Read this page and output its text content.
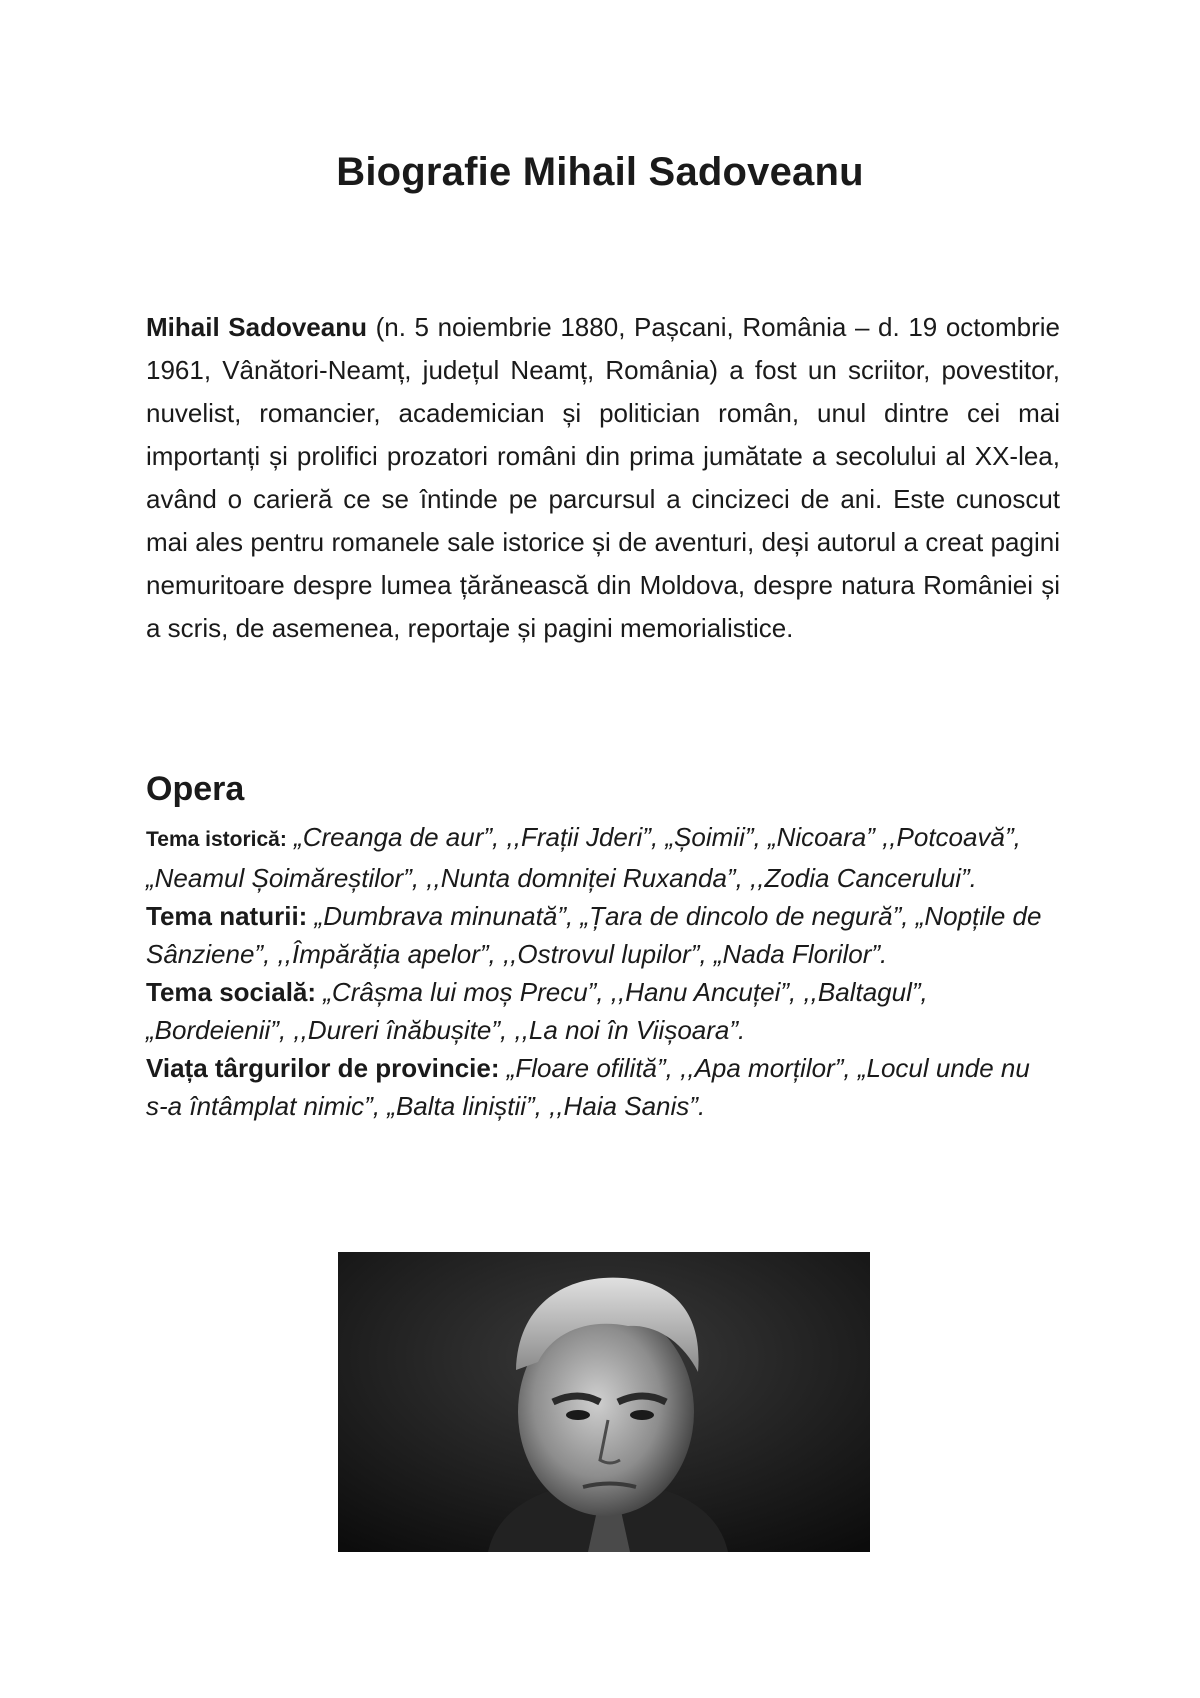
Biografie Mihail Sadoveanu

Mihail Sadoveanu (n. 5 noiembrie 1880, Pașcani, România – d. 19 octombrie 1961, Vânători-Neamț, județul Neamț, România) a fost un scriitor, povestitor, nuvelist, romancier, academician și politician român, unul dintre cei mai importanți și prolifici prozatori români din prima jumătate a secolului al XX-lea, având o carieră ce se întinde pe parcursul a cincizeci de ani. Este cunoscut mai ales pentru romanele sale istorice și de aventuri, deși autorul a creat pagini nemuritoare despre lumea țărănească din Moldova, despre natura României și a scris, de asemenea, reportaje și pagini memorialistice.

Opera

Tema istorică: „Creanga de aur”, ,,Frații Jderi”, „Șoimii”, „Nicoara” ,,Potcoavă”, „Neamul Șoimăreștilor”, ,,Nunta domniței Ruxanda”, ,,Zodia Cancerului”.

Tema naturii: „Dumbrava minunată”, „Țara de dincolo de negură”, „Nopțile de Sânziene”, ,,Împărăția apelor”, ,,Ostrovul lupilor”, „Nada Florilor”.

Tema socială: „Crâșma lui moș Precu”, ,,Hanu Ancuței”, ,,Baltagul”, „Bordeienii”, ,,Dureri înăbușite”, ,,La noi în Viișoara”.

Viața târgurilor de provincie: „Floare ofilită”, ,,Apa morților”, „Locul unde nu s-a întâmplat nimic”, „Balta liniștii”, ,,Haia Sanis”.
